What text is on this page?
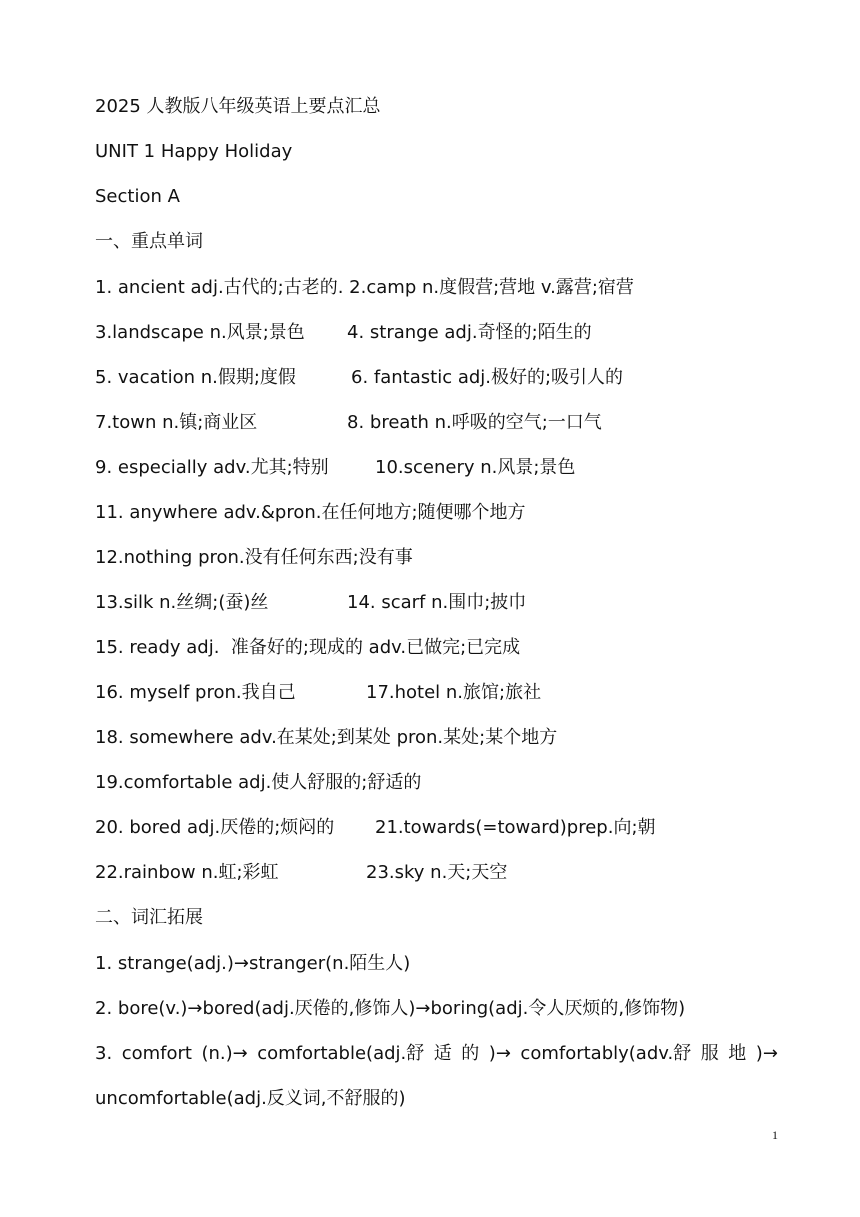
2025 人教版八年级英语上要点汇总
UNIT 1 Happy Holiday
Section A
一、重点单词
1. ancient adj.古代的;古老的. 2.camp n.度假营;营地 v.露营;宿营
3.landscape n.风景;景色 4. strange adj.奇怪的;陌生的
5. vacation n.假期;度假	6. fantastic adj.极好的;吸引人的
7.town n.镇;商业区	8. breath n.呼吸的空气;一口气
9. especially adv.尤其;特别	10.scenery n.风景;景色
11. anywhere adv.&pron.在任何地方;随便哪个地方
12.nothing pron.没有任何东西;没有事
13.silk n.丝绸;(蚕)丝	14. scarf n.围巾;披巾
15. ready adj.  准备好的;现成的 adv.已做完;已完成
16. myself pron.我自己	17.hotel n.旅馆;旅社
18. somewhere adv.在某处;到某处 pron.某处;某个地方
19.comfortable adj.使人舒服的;舒适的
20. bored adj.厌倦的;烦闷的 21.towards(=toward)prep.向;朝
22.rainbow n.虹;彩虹	23.sky n.天;天空
二、词汇拓展
1. strange(adj.)→stranger(n.陌生人)
2. bore(v.)→bored(adj.厌倦的,修饰人)→boring(adj.令人厌烦的,修饰物)
3. comfort (n.)→ comfortable(adj.舒 适 的 )→ comfortably(adv.舒 服 地 )→
uncomfortable(adj.反义词,不舒服的)
1
